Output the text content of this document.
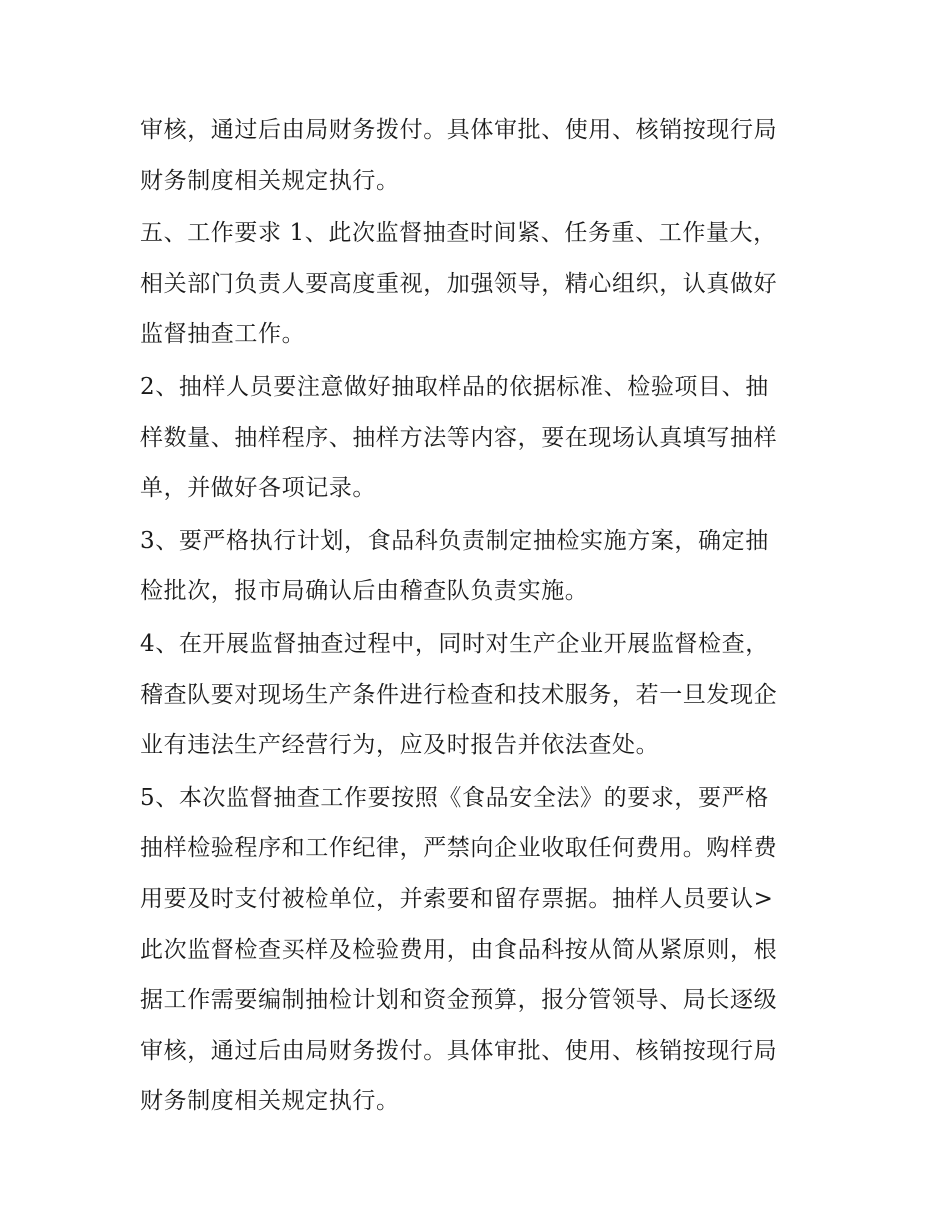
审核，通过后由局财务拨付。具体审批、使用、核销按现行局
财务制度相关规定执行。
五、工作要求 1、此次监督抽查时间紧、任务重、工作量大，
相关部门负责人要高度重视，加强领导，精心组织，认真做好
监督抽查工作。
2、抽样人员要注意做好抽取样品的依据标准、检验项目、抽
样数量、抽样程序、抽样方法等内容，要在现场认真填写抽样
单，并做好各项记录。
3、要严格执行计划，食品科负责制定抽检实施方案，确定抽
检批次，报市局确认后由稽查队负责实施。
4、在开展监督抽查过程中，同时对生产企业开展监督检查，
稽查队要对现场生产条件进行检查和技术服务，若一旦发现企
业有违法生产经营行为，应及时报告并依法查处。
5、本次监督抽查工作要按照《食品安全法》的要求，要严格
抽样检验程序和工作纪律，严禁向企业收取任何费用。购样费
用要及时支付被检单位，并索要和留存票据。抽样人员要认>
此次监督检查买样及检验费用，由食品科按从简从紧原则，根
据工作需要编制抽检计划和资金预算，报分管领导、局长逐级
审核，通过后由局财务拨付。具体审批、使用、核销按现行局
财务制度相关规定执行。
